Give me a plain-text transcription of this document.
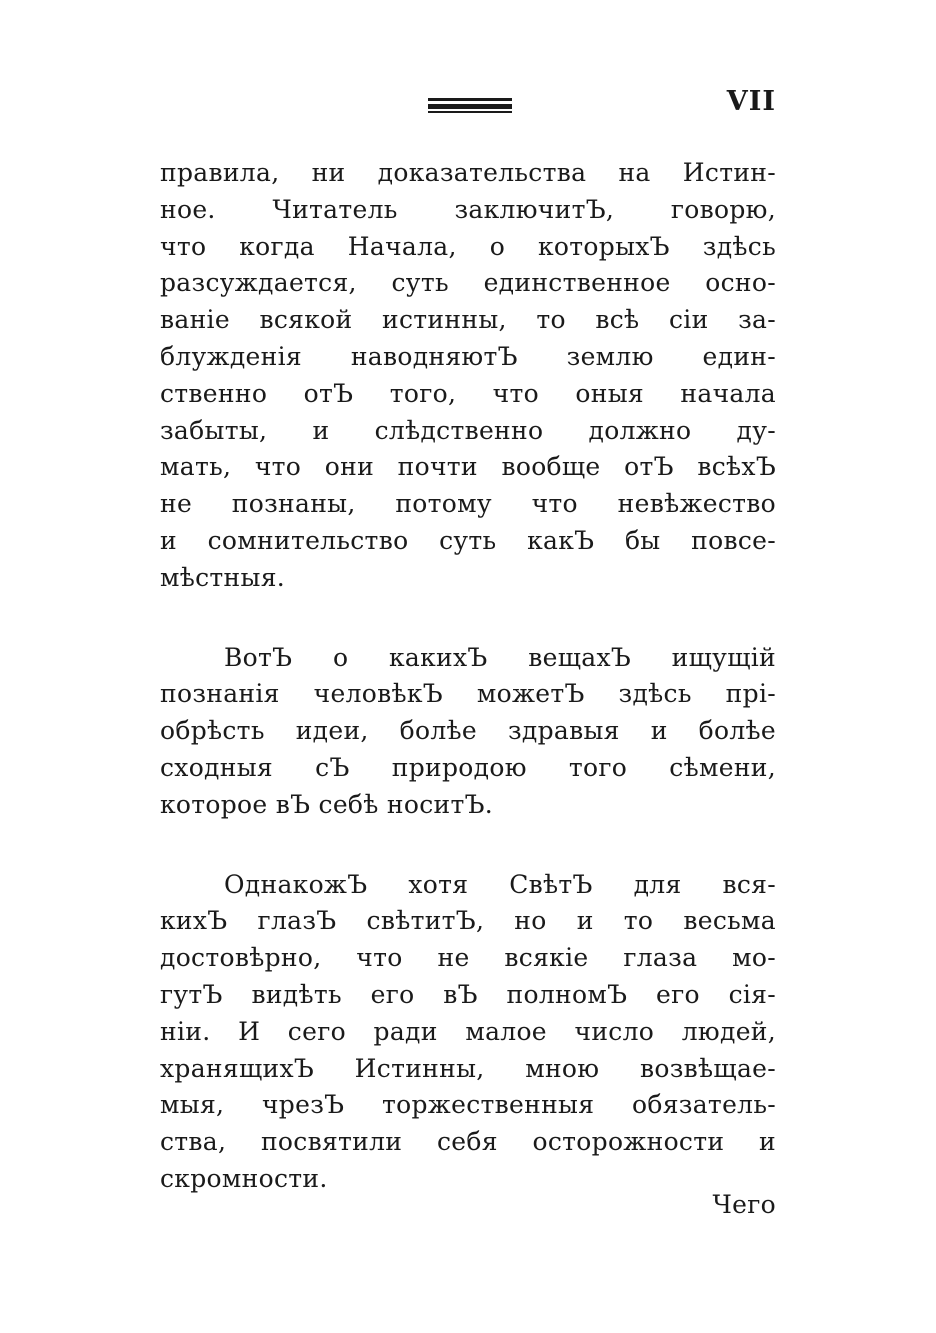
VII
правила, ни доказательства на Истин-
ное. Читатель заключитЪ, говорю,
что когда Начала, о которыхЪ здѣсь
разсуждается, суть единственное осно-
ваніе всякой истинны, то всѣ сіи за-
блужденія наводняютЪ землю един-
ственно отЪ того, что оныя начала
забыты, и слѣдственно должно ду-
мать, что они почти вообще отЪ всѣхЪ
не познаны, потому что невѣжество
и сомнительство суть какЪ бы повсе-
мѣстныя.
ВотЪ о какихЪ вещахЪ ищущій
познанія человѣкЪ можетЪ здѣсь прі-
обрѣсть идеи, болѣе здравыя и болѣе
сходныя сЪ природою того сѣмени,
которое вЪ себѣ носитЪ.
ОднакожЪ хотя СвѣтЪ для вся-
кихЪ глазЪ свѣтитЪ, но и то весьма
достовѣрно, что не всякіе глаза мо-
гутЪ видѣть его вЪ полномЪ его сія-
ніи. И сего ради малое число людей,
хранящихЪ Истинны, мною возвѣщае-
мыя, чрезЪ торжественныя обязатель-
ства, посвятили себя осторожности и
скромности.
Чего
